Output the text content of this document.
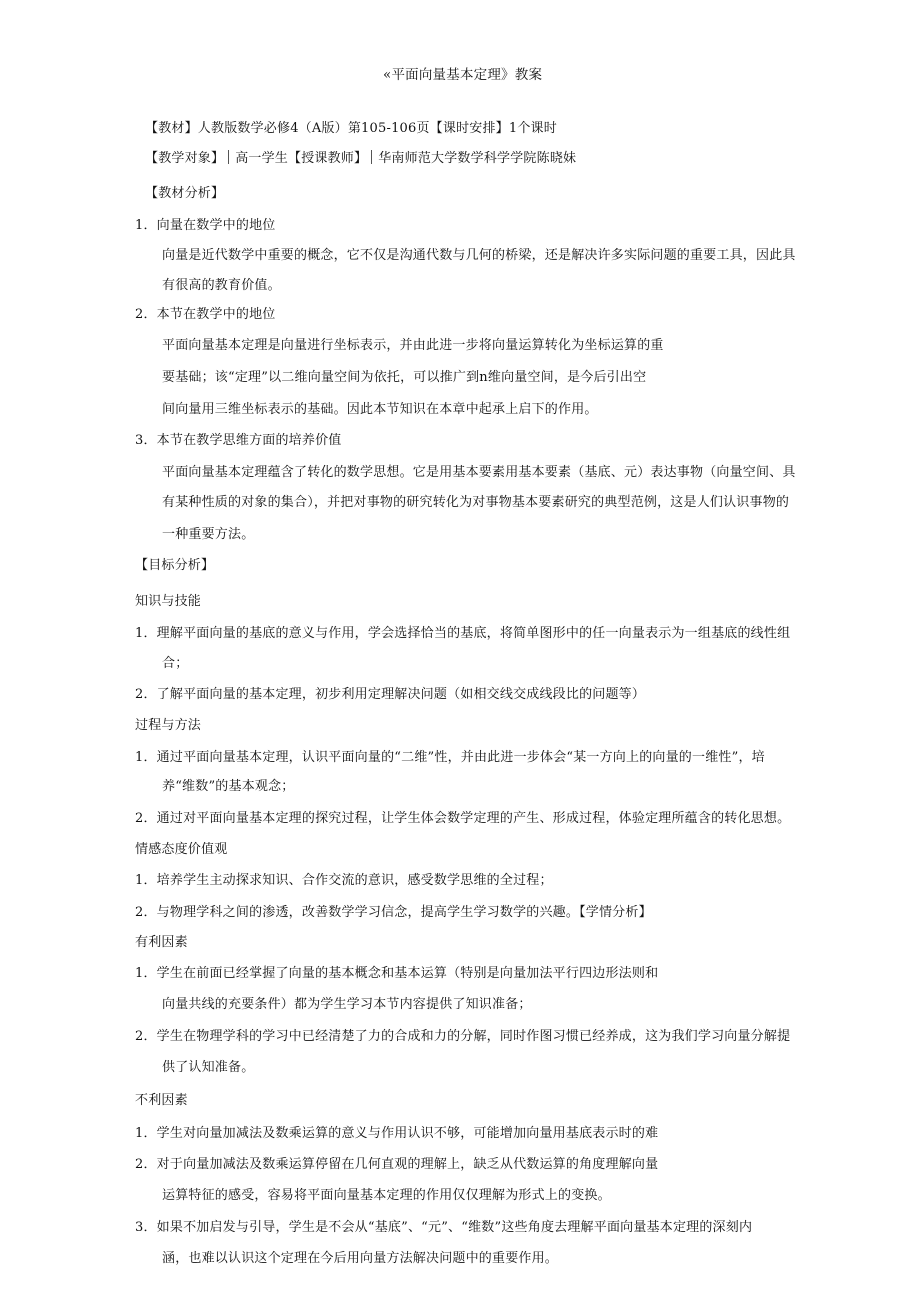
«平面向量基本定理》教案
【教材】人教版数学必修4（A版）第105-106页【课时安排】1个课时
【教学对象】 高一学生【授课教师】 华南师范大学数学科学学院陈晓妹
【教材分析】
1．向量在数学中的地位
向量是近代数学中重要的概念，它不仅是沟通代数与几何的桥梁，还是解决许多实际问题的重要工具，因此具
有很高的教育价值。
2．本节在教学中的地位
平面向量基本定理是向量进行坐标表示，并由此进一步将向量运算转化为坐标运算的重
要基础；该“定理”以二维向量空间为依托，可以推广到n维向量空间，是今后引出空
间向量用三维坐标表示的基础。因此本节知识在本章中起承上启下的作用。
3．本节在教学思维方面的培养价值
平面向量基本定理蕴含了转化的数学思想。它是用基本要素用基本要素（基底、元）表达事物（向量空间、具
有某种性质的对象的集合），并把对事物的研究转化为对事物基本要素研究的典型范例，这是人们认识事物的
一种重要方法。
【目标分析】
知识与技能
1．理解平面向量的基底的意义与作用，学会选择恰当的基底，将简单图形中的任一向量表示为一组基底的线性组
合；
2．了解平面向量的基本定理，初步利用定理解决问题（如相交线交成线段比的问题等）
过程与方法
1．通过平面向量基本定理，认识平面向量的“二维”性，并由此进一步体会“某一方向上的向量的一维性”，培
养“维数”的基本观念；
2．通过对平面向量基本定理的探究过程，让学生体会数学定理的产生、形成过程，体验定理所蕴含的转化思想。
情感态度价值观
1．培养学生主动探求知识、合作交流的意识，感受数学思维的全过程；
2．与物理学科之间的渗透，改善数学学习信念，提高学生学习数学的兴趣。【学情分析】
有利因素
1．学生在前面已经掌握了向量的基本概念和基本运算（特别是向量加法平行四边形法则和
向量共线的充要条件）都为学生学习本节内容提供了知识准备；
2．学生在物理学科的学习中已经清楚了力的合成和力的分解，同时作图习惯已经养成，这为我们学习向量分解提
供了认知准备。
不利因素
1．学生对向量加减法及数乘运算的意义与作用认识不够，可能增加向量用基底表示时的难
2．对于向量加减法及数乘运算停留在几何直观的理解上，缺乏从代数运算的角度理解向量
运算特征的感受，容易将平面向量基本定理的作用仅仅理解为形式上的变换。
3．如果不加启发与引导，学生是不会从“基底”、“元”、“维数”这些角度去理解平面向量基本定理的深刻内
涵，也难以认识这个定理在今后用向量方法解决问题中的重要作用。
